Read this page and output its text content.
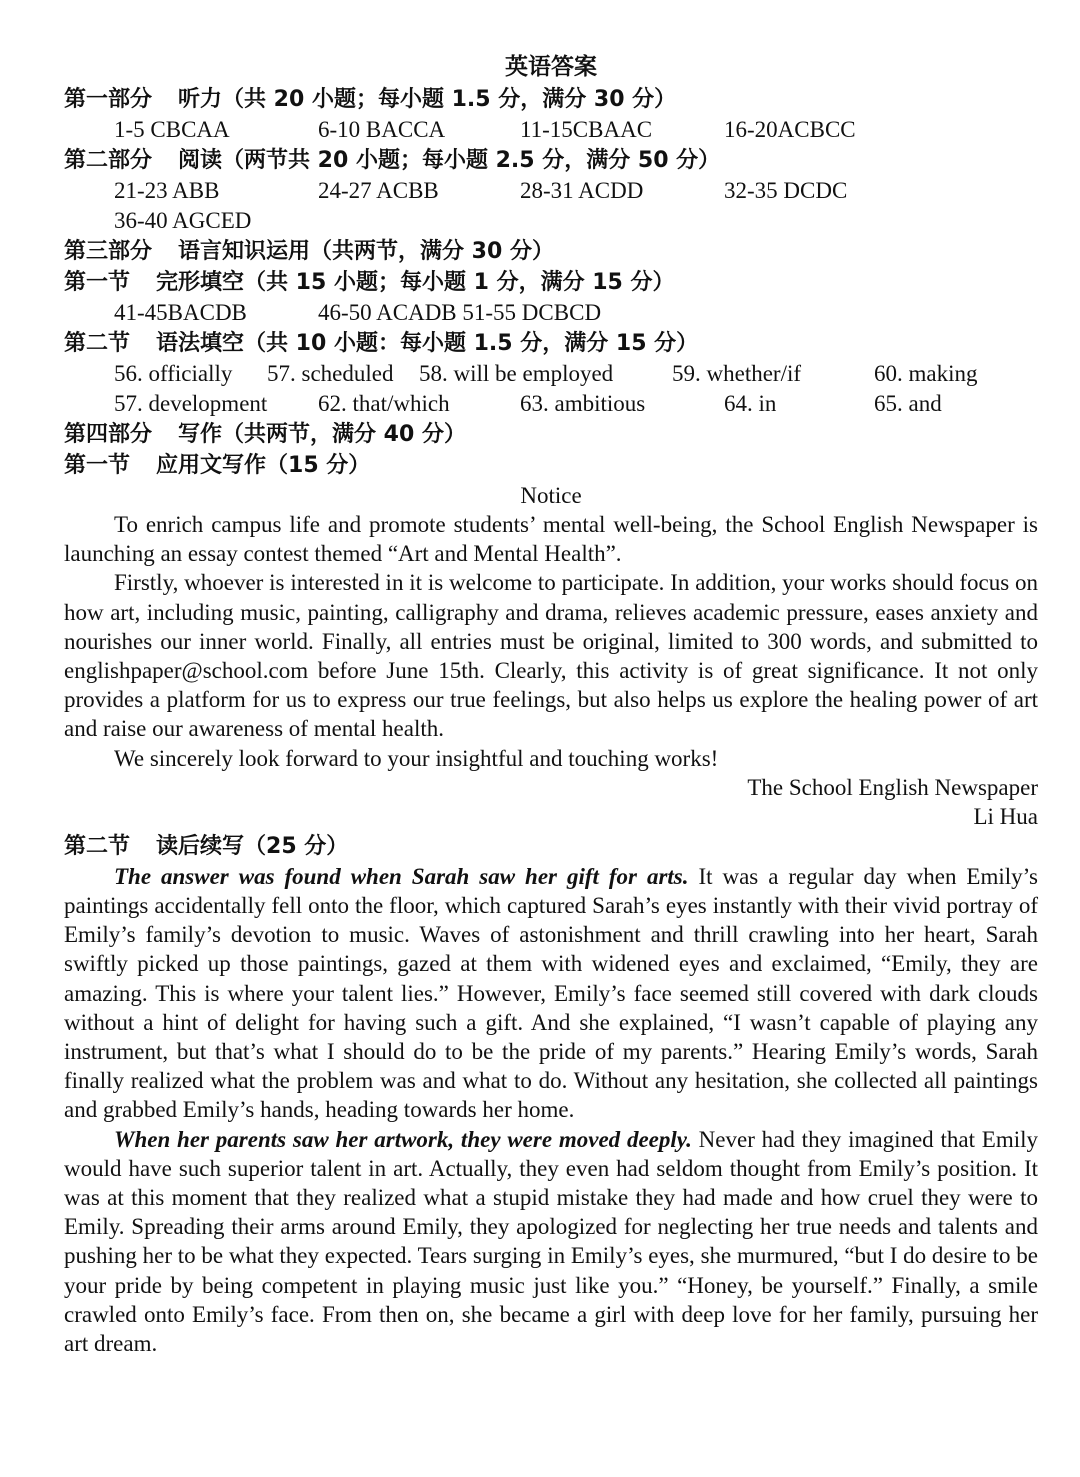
英语答案
第一部分 听力（共 20 小题；每小题 1.5 分，满分 30 分）
1-5 CBCAA	6-10 BACCA	11-15CBAAC	16-20ACBCC
第二部分 阅读（两节共 20 小题；每小题 2.5 分，满分 50 分）
21-23 ABB	24-27 ACBB	28-31 ACDD	32-35 DCDC
36-40 AGCED
第三部分 语言知识运用（共两节，满分 30 分）
第一节 完形填空（共 15 小题；每小题 1 分，满分 15 分）
41-45BACDB	46-50 ACADB 51-55 DCBCD
第二节 语法填空（共 10 小题：每小题 1.5 分，满分 15 分）
56. officially 57. scheduled 58. will be employed	59. whether/if	60. making
57. development 62. that/which	63. ambitious	64. in	65. and
第四部分 写作（共两节，满分 40 分）
第一节 应用文写作（15 分）
Notice

To enrich campus life and promote students’ mental well-being, the School English Newspaper is launching an essay contest themed “Art and Mental Health”.

Firstly, whoever is interested in it is welcome to participate. In addition, your works should focus on how art, including music, painting, calligraphy and drama, relieves academic pressure, eases anxiety and nourishes our inner world. Finally, all entries must be original, limited to 300 words, and submitted to englishpaper@school.com before June 15th. Clearly, this activity is of great significance. It not only provides a platform for us to express our true feelings, but also helps us explore the healing power of art and raise our awareness of mental health.

We sincerely look forward to your insightful and touching works!

The School English Newspaper
Li Hua
第二节 读后续写（25 分）

The answer was found when Sarah saw her gift for arts. It was a regular day when Emily’s paintings accidentally fell onto the floor, which captured Sarah’s eyes instantly with their vivid portray of Emily’s family’s devotion to music. Waves of astonishment and thrill crawling into her heart, Sarah swiftly picked up those paintings, gazed at them with widened eyes and exclaimed, “Emily, they are amazing. This is where your talent lies.” However, Emily’s face seemed still covered with dark clouds without a hint of delight for having such a gift. And she explained, “I wasn’t capable of playing any instrument, but that’s what I should do to be the pride of my parents.” Hearing Emily’s words, Sarah finally realized what the problem was and what to do. Without any hesitation, she collected all paintings and grabbed Emily’s hands, heading towards her home.

When her parents saw her artwork, they were moved deeply. Never had they imagined that Emily would have such superior talent in art. Actually, they even had seldom thought from Emily’s position. It was at this moment that they realized what a stupid mistake they had made and how cruel they were to Emily. Spreading their arms around Emily, they apologized for neglecting her true needs and talents and pushing her to be what they expected. Tears surging in Emily’s eyes, she murmured, “but I do desire to be your pride by being competent in playing music just like you.” “Honey, be yourself.” Finally, a smile crawled onto Emily’s face. From then on, she became a girl with deep love for her family, pursuing her art dream.
